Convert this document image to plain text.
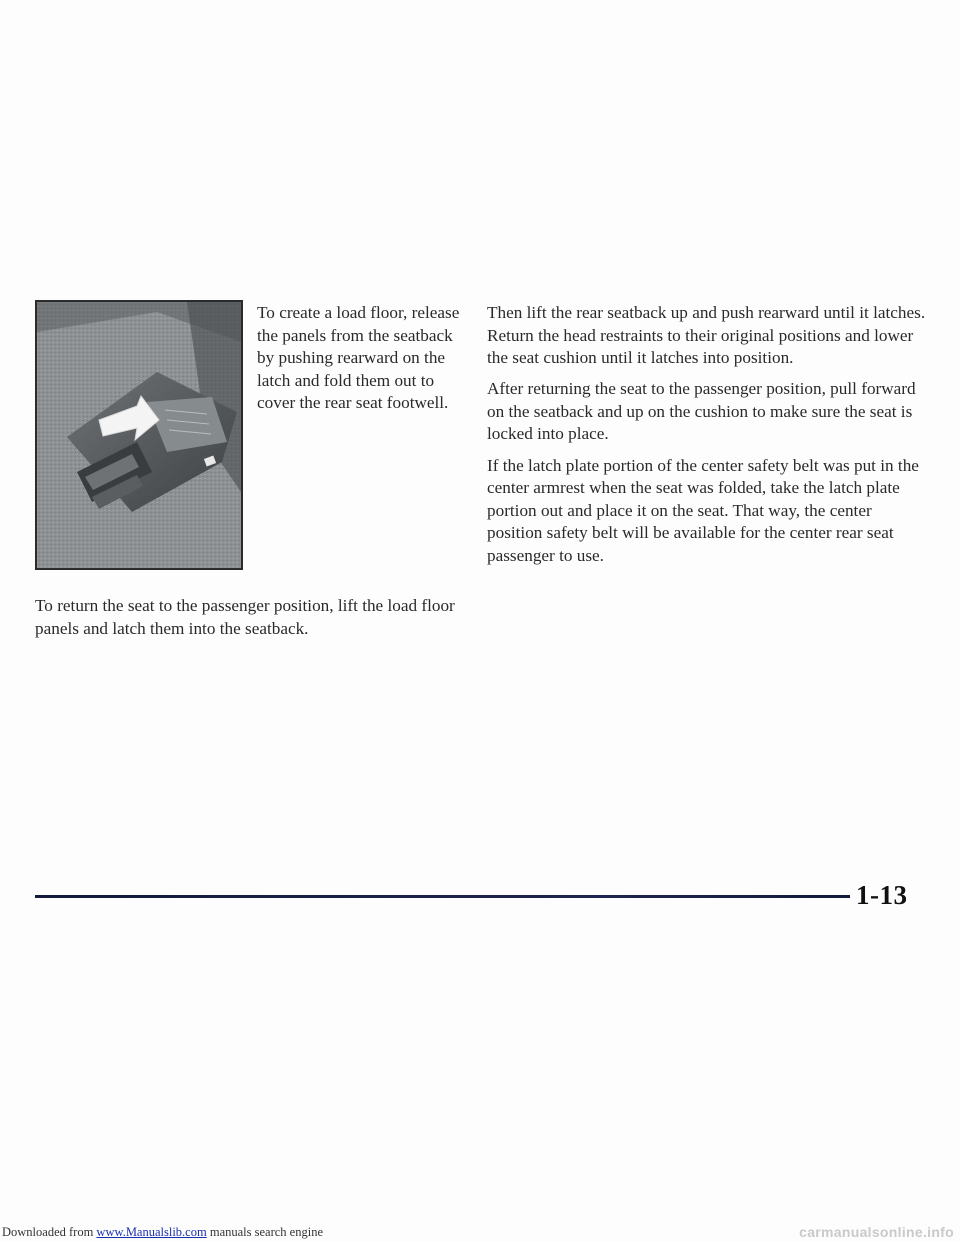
To create a load floor, release the panels from the seatback by pushing rearward on the latch and fold them out to cover the rear seat footwell.

To return the seat to the passenger position, lift the load floor panels and latch them into the seatback.

Then lift the rear seatback up and push rearward until it latches. Return the head restraints to their original positions and lower the seat cushion until it latches into position.

After returning the seat to the passenger position, pull forward on the seatback and up on the cushion to make sure the seat is locked into place.

If the latch plate portion of the center safety belt was put in the center armrest when the seat was folded, take the latch plate portion out and place it on the seat. That way, the center position safety belt will be available for the center rear seat passenger to use.

1-13
Downloaded from www.Manualslib.com manuals search engine	carmanualsonline.info
